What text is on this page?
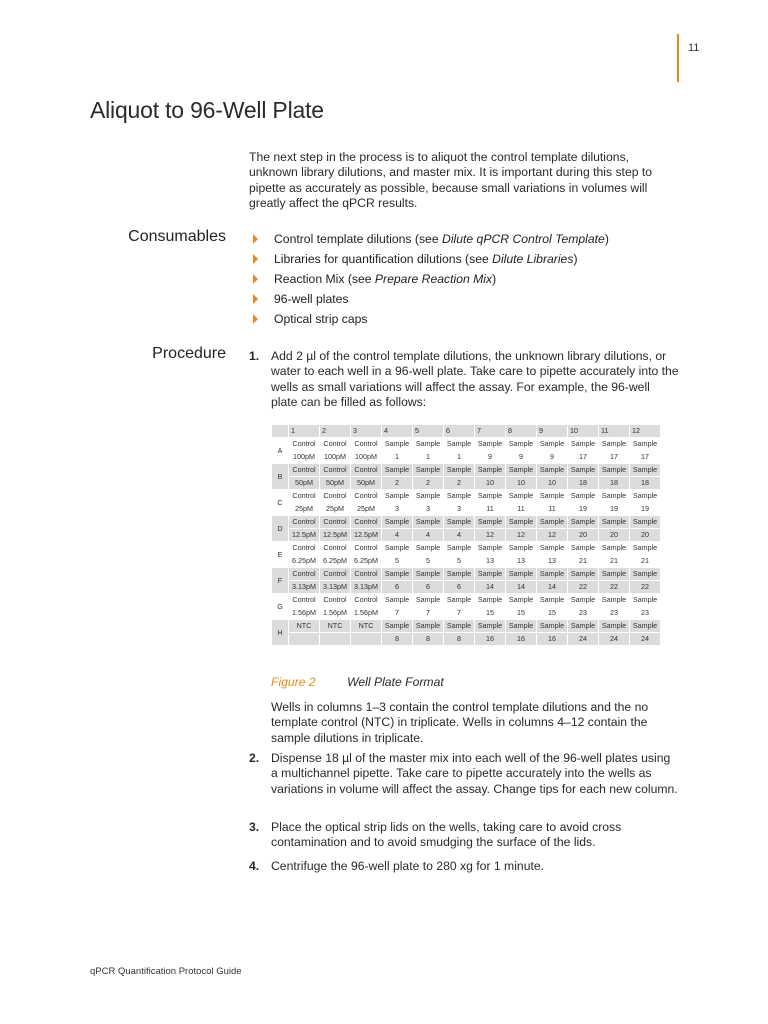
11
Aliquot to 96-Well Plate

The next step in the process is to aliquot the control template dilutions, unknown library dilutions, and master mix. It is important during this step to pipette as accurately as possible, because small variations in volumes will greatly affect the qPCR results.

Consumables	Control template dilutions (see Dilute qPCR Control Template)
Libraries for quantification dilutions (see Dilute Libraries)
Reaction Mix (see Prepare Reaction Mix)
96-well plates
Optical strip caps
Procedure 1. Add 2 µl of the control template dilutions, the unknown library dilutions, or water to each well in a 96-well plate. Take care to pipette accurately into the wells as small variations will affect the assay. For example, the 96-well plate can be filled as follows:
	1	2	3	4	5	6	7	8	9	10	11	12
A	Control	Control	Control	Sample	Sample	Sample	Sample	Sample	Sample	Sample	Sample	Sample
	100pM	100pM	100pM	1	1	1	9	9	9	17	17	17
B	Control	Control	Control	Sample	Sample	Sample	Sample	Sample	Sample	Sample	Sample	Sample
	50pM	50pM	50pM	2	2	2	10	10	10	18	18	18
C	Control	Control	Control	Sample	Sample	Sample	Sample	Sample	Sample	Sample	Sample	Sample
	25pM	25pM	25pM	3	3	3	11	11	11	19	19	19
D	Control	Control	Control	Sample	Sample	Sample	Sample	Sample	Sample	Sample	Sample	Sample
	12.5pM	12.5pM	12.5pM	4	4	4	12	12	12	20	20	20
E	Control	Control	Control	Sample	Sample	Sample	Sample	Sample	Sample	Sample	Sample	Sample
	6.25pM	6.25pM	6.25pM	5	5	5	13	13	13	21	21	21
F	Control	Control	Control	Sample	Sample	Sample	Sample	Sample	Sample	Sample	Sample	Sample
	3.13pM	3.13pM	3.13pM	6	6	6	14	14	14	22	22	22
G	Control	Control	Control	Sample	Sample	Sample	Sample	Sample	Sample	Sample	Sample	Sample
	1.56pM	1.56pM	1.56pM	7	7	7	15	15	15	23	23	23
H	NTC	NTC	NTC	Sample	Sample	Sample	Sample	Sample	Sample	Sample	Sample	Sample
				8	8	8	16	16	16	24	24	24
Figure 2	Well Plate Format
Wells in columns 1–3 contain the control template dilutions and the no template control (NTC) in triplicate. Wells in columns 4–12 contain the sample dilutions in triplicate.
2. Dispense 18 µl of the master mix into each well of the 96-well plates using a multichannel pipette. Take care to pipette accurately into the wells as variations in volume will affect the assay. Change tips for each new column.
3. Place the optical strip lids on the wells, taking care to avoid cross contamination and to avoid smudging the surface of the lids.
4. Centrifuge the 96-well plate to 280 xg for 1 minute.
qPCR Quantification Protocol Guide
